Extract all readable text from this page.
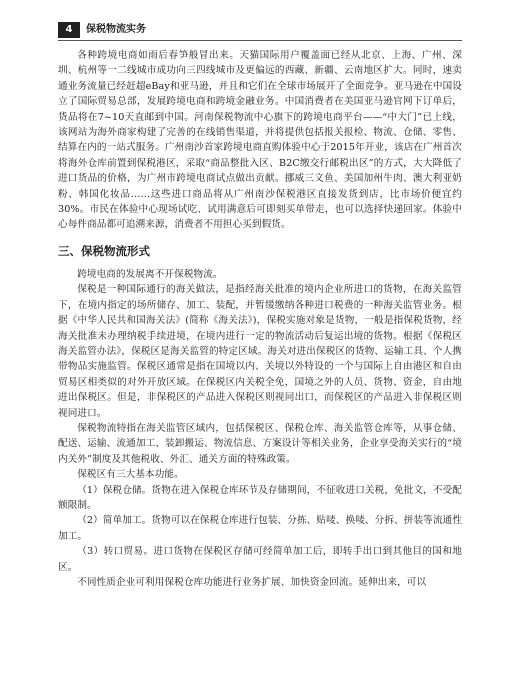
4	保税物流实务

各种跨境电商如雨后春笋般冒出来。天猫国际用户覆盖面已经从北京、上海、广州、深圳、杭州等一二线城市成功向三四线城市及更偏远的西藏、新疆、云南地区扩大。同时，速卖通业务流量已经赶超eBay和亚马逊，并且和它们在全球市场展开了全面竞争。亚马逊在中国设立了国际贸易总部，发展跨境电商和跨境金融业务。中国消费者在美国亚马逊官网下订单后，货品将在7~10天直邮到中国。河南保税物流中心旗下的跨境电商平台——“中大门”已上线，该网站为海外商家构建了完善的在线销售渠道，并将提供包括报关报检、物流、仓储、零售、结算在内的一站式服务。广州南沙首家跨境电商直购体验中心于2015年开业，该店在广州首次将海外仓库前置到保税港区，采取“商品整批入区、B2C缴交行邮税出区”的方式，大大降低了进口货品的价格，为广州市跨境电商试点做出贡献。挪威三文鱼、美国加州牛肉、澳大利亚奶粉、韩国化妆品……这些进口商品将从广州南沙保税港区直接发货到店，比市场价便宜约30%。市民在体验中心现场试吃、试用满意后可即刻买单带走，也可以选择快递回家。体验中心每件商品都可追溯来源，消费者不用担心买到假货。

三、保税物流形式

跨境电商的发展离不开保税物流。

保税是一种国际通行的海关做法，是指经海关批准的境内企业所进口的货物，在海关监管下，在境内指定的场所储存、加工、装配，并暂缓缴纳各种进口税费的一种海关监管业务。根据《中华人民共和国海关法》(简称《海关法》)，保税实施对象是货物，一般是指保税货物，经海关批准未办理纳税手续进境，在境内进行一定的物流活动后复运出境的货物。根据《保税区海关监管办法》，保税区是海关监管的特定区域。海关对进出保税区的货物、运输工具、个人携带物品实施监管。保税区通常是指在国境以内、关境以外特设的一个与国际上自由港区和自由贸易区相类似的对外开放区域。在保税区内关税全免，国境之外的人员、货物、资金，自由地进出保税区。但是，非保税区的产品进入保税区则视同出口，而保税区的产品进入非保税区则视同进口。

保税物流特指在海关监管区域内，包括保税区、保税仓库、海关监管仓库等，从事仓储、配送、运输、流通加工、装卸搬运、物流信息、方案设计等相关业务，企业享受海关实行的“境内关外”制度及其他税收、外汇、通关方面的特殊政策。

保税区有三大基本功能。

（1）保税仓储。货物在进入保税仓库环节及存储期间，不征收进口关税，免批文，不受配额限制。

（2）简单加工。货物可以在保税仓库进行包装、分拣、贴唛、换唛、分拆、拼装等流通性加工。

（3）转口贸易。进口货物在保税区存储可经简单加工后，即转手出口到其他目的国和地区。

不同性质企业可利用保税仓库功能进行业务扩展、加快资金回流。延伸出来，可以
